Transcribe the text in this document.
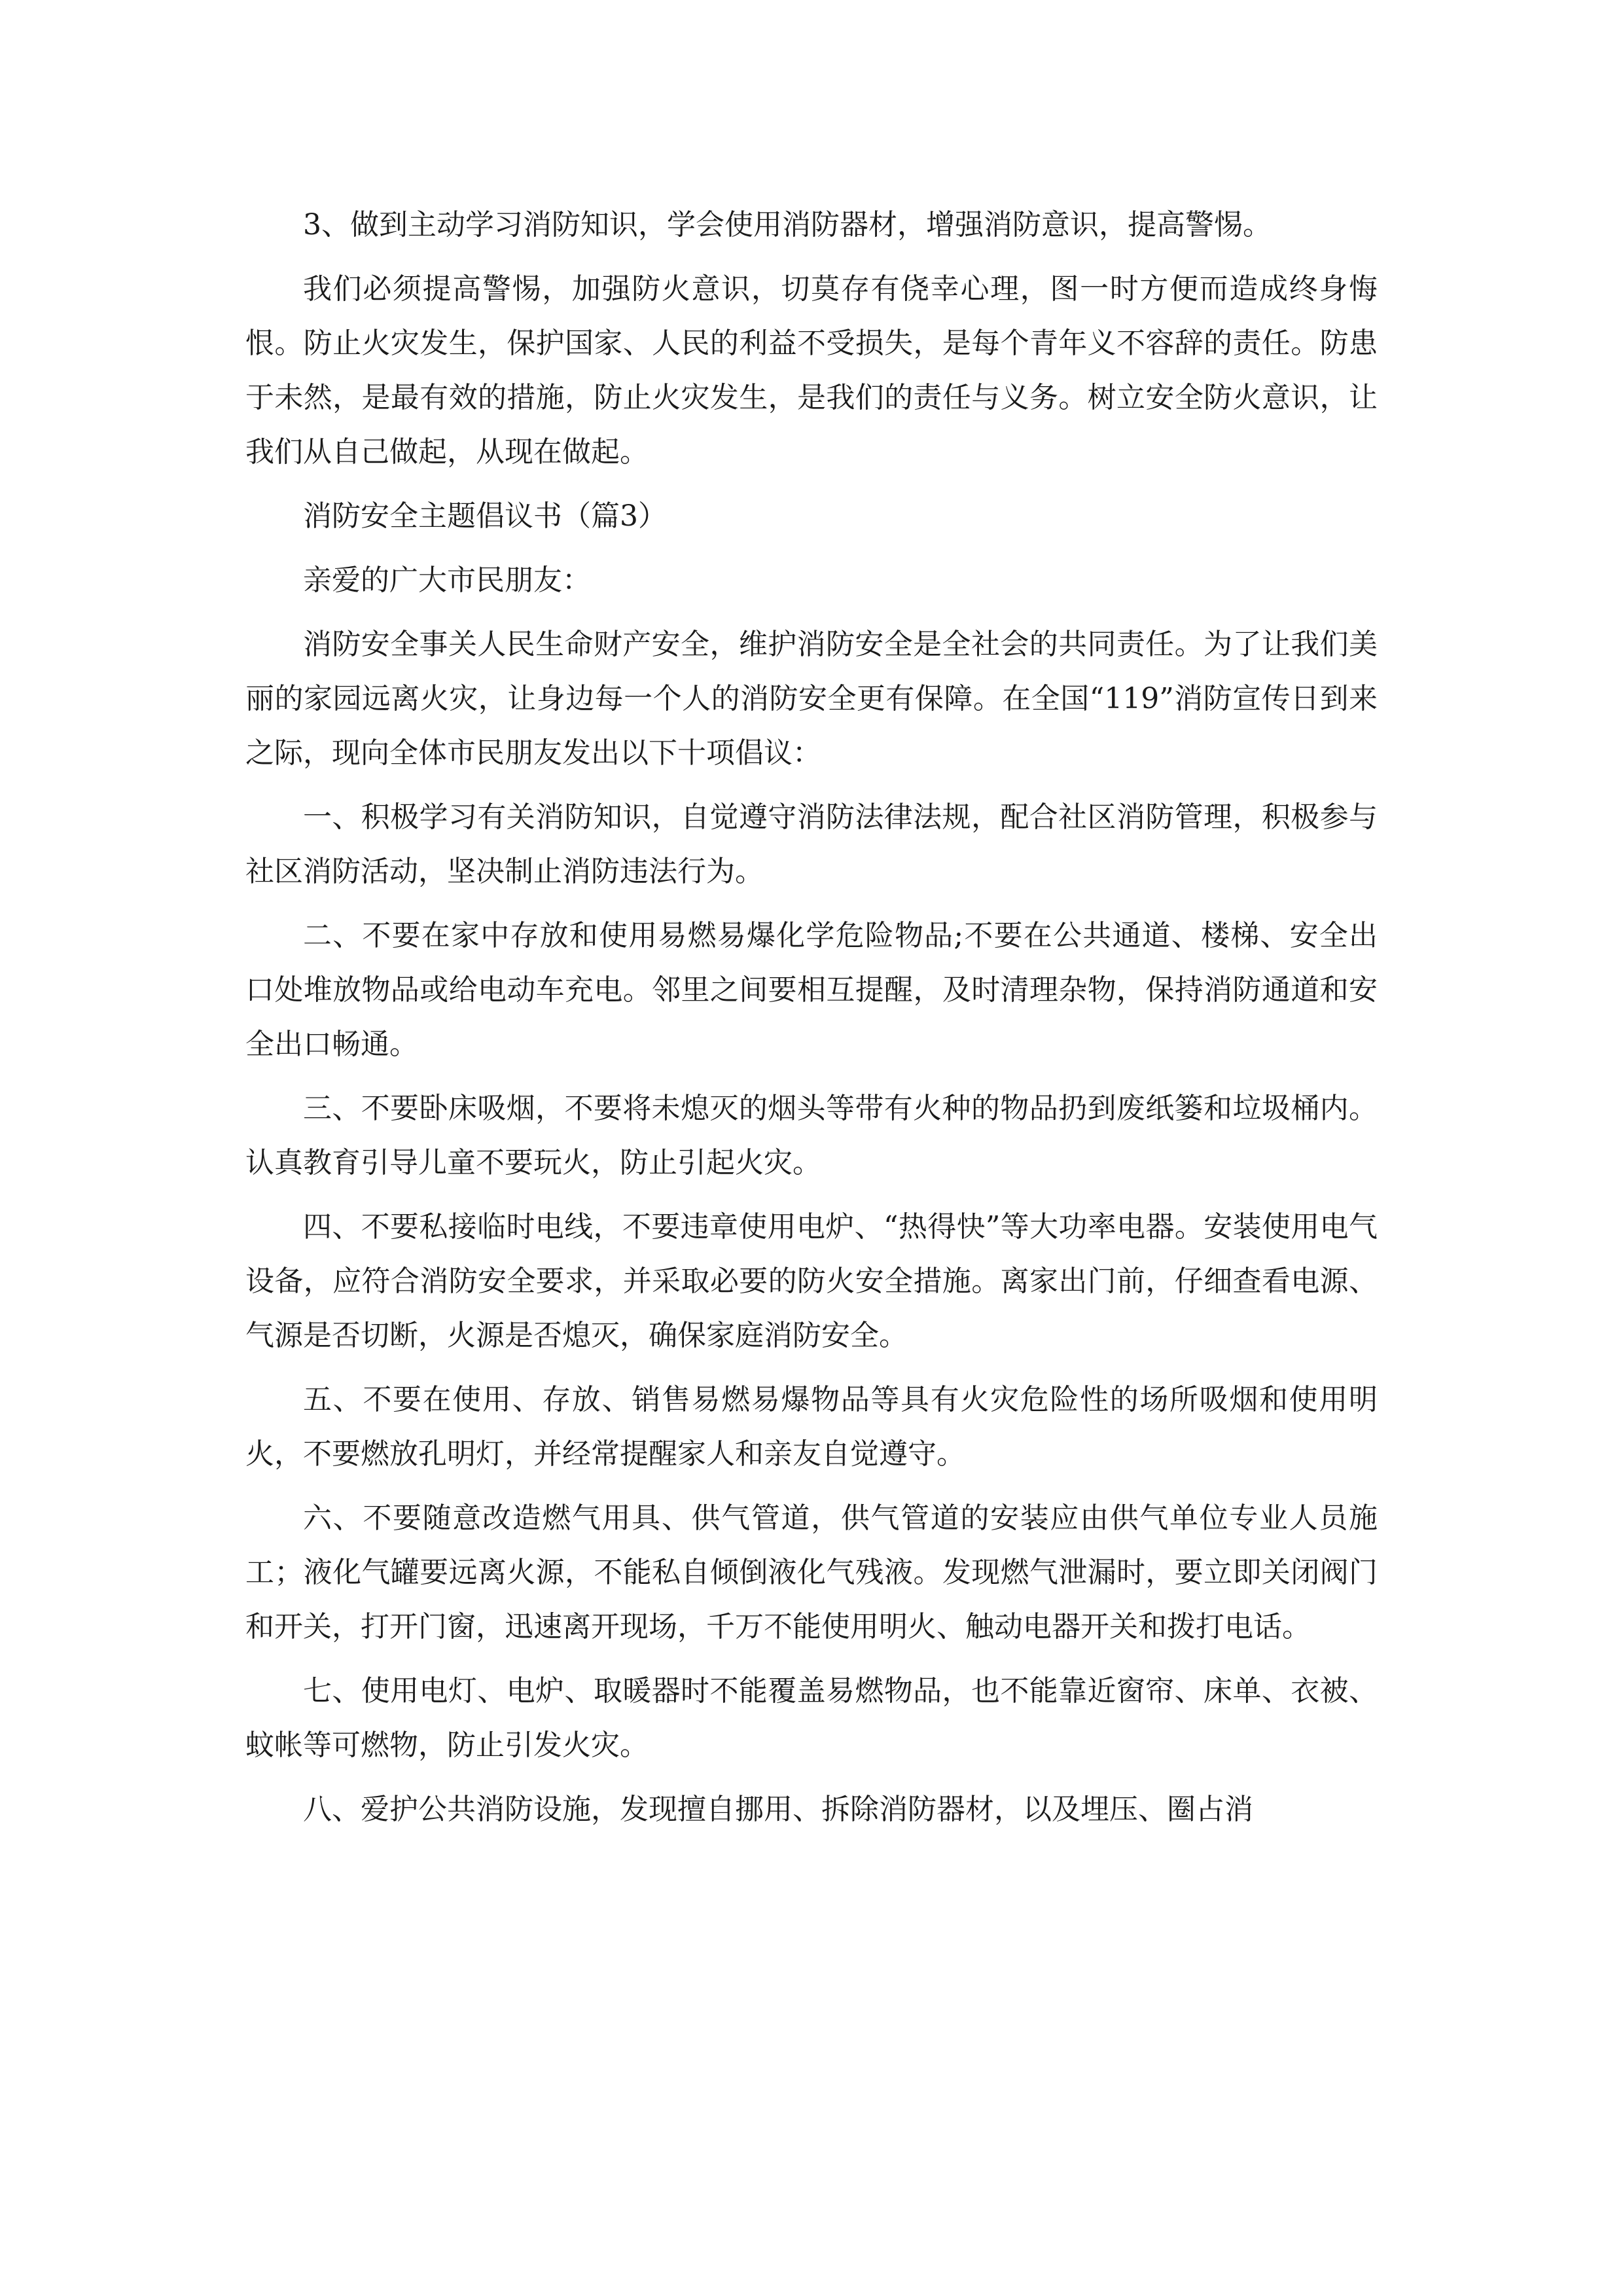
3、做到主动学习消防知识，学会使用消防器材，增强消防意识，提高警惕。

我们必须提高警惕，加强防火意识，切莫存有侥幸心理，图一时方便而造成终身悔恨。防止火灾发生，保护国家、人民的利益不受损失，是每个青年义不容辞的责任。防患于未然，是最有效的措施，防止火灾发生，是我们的责任与义务。树立安全防火意识，让我们从自己做起，从现在做起。

消防安全主题倡议书（篇3）

亲爱的广大市民朋友：

消防安全事关人民生命财产安全，维护消防安全是全社会的共同责任。为了让我们美丽的家园远离火灾，让身边每一个人的消防安全更有保障。在全国“119”消防宣传日到来之际，现向全体市民朋友发出以下十项倡议：

一、积极学习有关消防知识，自觉遵守消防法律法规，配合社区消防管理，积极参与社区消防活动，坚决制止消防违法行为。

二、不要在家中存放和使用易燃易爆化学危险物品;不要在公共通道、楼梯、安全出口处堆放物品或给电动车充电。邻里之间要相互提醒，及时清理杂物，保持消防通道和安全出口畅通。

三、不要卧床吸烟，不要将未熄灭的烟头等带有火种的物品扔到废纸篓和垃圾桶内。认真教育引导儿童不要玩火，防止引起火灾。

四、不要私接临时电线，不要违章使用电炉、“热得快”等大功率电器。安装使用电气设备，应符合消防安全要求，并采取必要的防火安全措施。离家出门前，仔细查看电源、气源是否切断，火源是否熄灭，确保家庭消防安全。

五、不要在使用、存放、销售易燃易爆物品等具有火灾危险性的场所吸烟和使用明火，不要燃放孔明灯，并经常提醒家人和亲友自觉遵守。

六、不要随意改造燃气用具、供气管道，供气管道的安装应由供气单位专业人员施工；液化气罐要远离火源，不能私自倾倒液化气残液。发现燃气泄漏时，要立即关闭阀门和开关，打开门窗，迅速离开现场，千万不能使用明火、触动电器开关和拨打电话。

七、使用电灯、电炉、取暖器时不能覆盖易燃物品，也不能靠近窗帘、床单、衣被、蚊帐等可燃物，防止引发火灾。

八、爱护公共消防设施，发现擅自挪用、拆除消防器材，以及埋压、圈占消
